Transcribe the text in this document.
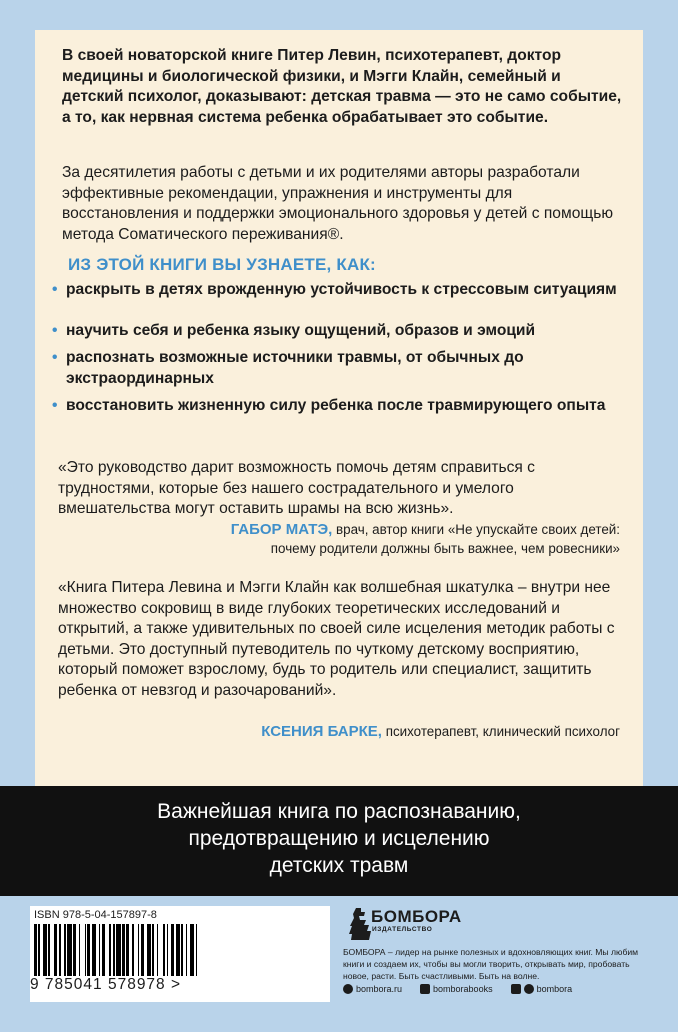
В своей новаторской книге Питер Левин, психотерапевт, доктор медицины и биологической физики, и Мэгги Клайн, семейный и детский психолог, доказывают: детская травма — это не само событие, а то, как нервная система ребенка обрабатывает это событие.

За десятилетия работы с детьми и их родителями авторы разработали эффективные рекомендации, упражнения и инструменты для восстановления и поддержки эмоционального здоровья у детей с помощью метода Соматического переживания®.

ИЗ ЭТОЙ КНИГИ ВЫ УЗНАЕТЕ, КАК:
• раскрыть в детях врожденную устойчивость к стрессовым ситуациям
• научить себя и ребенка языку ощущений, образов и эмоций
• распознать возможные источники травмы, от обычных до экстраординарных
• восстановить жизненную силу ребенка после травмирующего опыта

«Это руководство дарит возможность помочь детям справиться с трудностями, которые без нашего сострадательного и умелого вмешательства могут оставить шрамы на всю жизнь».

ГАБОР МАТЭ, врач, автор книги «Не упускайте своих детей:
почему родители должны быть важнее, чем ровесники»

«Книга Питера Левина и Мэгги Клайн как волшебная шкатулка – внутри нее множество сокровищ в виде глубоких теоретических исследований и открытий, а также удивительных по своей силе исцеления методик работы с детьми. Это доступный путеводитель по чуткому детскому восприятию, который поможет взрослому, будь то родитель или специалист, защитить ребенка от невзгод и разочарований».

КСЕНИЯ БАРКЕ, психотерапевт, клинический психолог
Важнейшая книга по распознаванию,
предотвращению и исцелению
детских травм
ISBN 978-5-04-157897-8
9 785041 578978 >
БОМБОРА
ИЗДАТЕЛЬСТВО
БОМБОРА – лидер на рынке полезных и вдохновляющих книг. Мы любим книги и создаем их, чтобы вы могли творить, открывать мир, пробовать новое, расти. Быть счастливыми. Быть на волне.
bombora.ru	bomborabooks	bombora
